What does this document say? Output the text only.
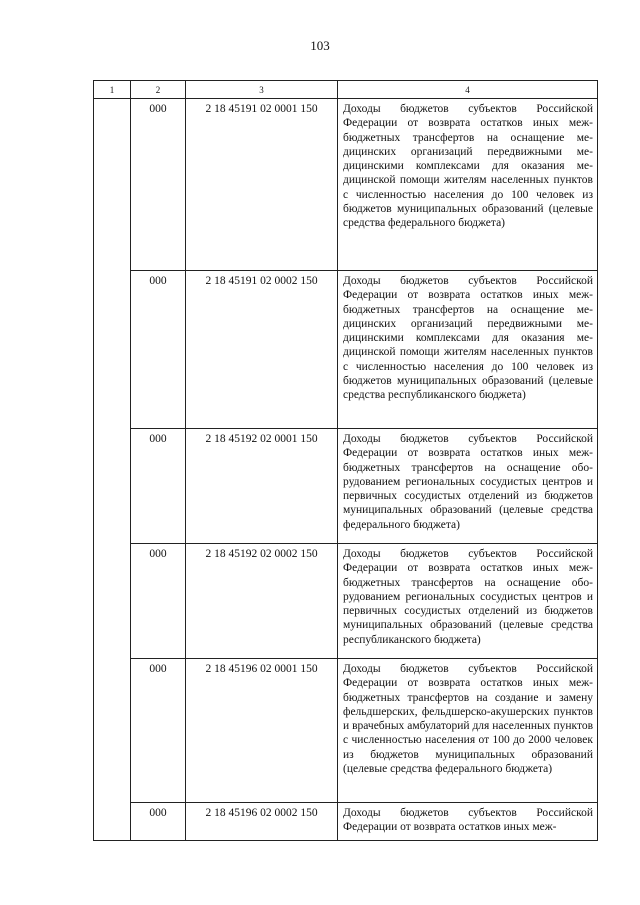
103
1	2	3	4
	000	2 18 45191 02 0001 150	Доходы бюджетов субъектов Российской Федерации от возврата остатков иных межбюджетных трансфертов на оснащение медицинских организаций передвижными медицинскими комплексами для оказания медицинской помощи жителям населенных пунктов с численностью населения до 100 человек из бюджетов муниципальных образований (целевые средства федерального бюджета)
	000	2 18 45191 02 0002 150	Доходы бюджетов субъектов Российской Федерации от возврата остатков иных межбюджетных трансфертов на оснащение медицинских организаций передвижными медицинскими комплексами для оказания медицинской помощи жителям населенных пунктов с численностью населения до 100 человек из бюджетов муниципальных образований (целевые средства республиканского бюджета)
	000	2 18 45192 02 0001 150	Доходы бюджетов субъектов Российской Федерации от возврата остатков иных межбюджетных трансфертов на оснащение оборудованием региональных сосудистых центров и первичных сосудистых отделений из бюджетов муниципальных образований (целевые средства федерального бюджета)
	000	2 18 45192 02 0002 150	Доходы бюджетов субъектов Российской Федерации от возврата остатков иных межбюджетных трансфертов на оснащение оборудованием региональных сосудистых центров и первичных сосудистых отделений из бюджетов муниципальных образований (целевые средства республиканского бюджета)
	000	2 18 45196 02 0001 150	Доходы бюджетов субъектов Российской Федерации от возврата остатков иных межбюджетных трансфертов на создание и замену фельдшерских, фельдшерско-акушерских пунктов и врачебных амбулаторий для населенных пунктов с численностью населения от 100 до 2000 человек из бюджетов муниципальных образований (целевые средства федерального бюджета)
	000	2 18 45196 02 0002 150	Доходы бюджетов субъектов Российской Федерации от возврата остатков иных меж-
